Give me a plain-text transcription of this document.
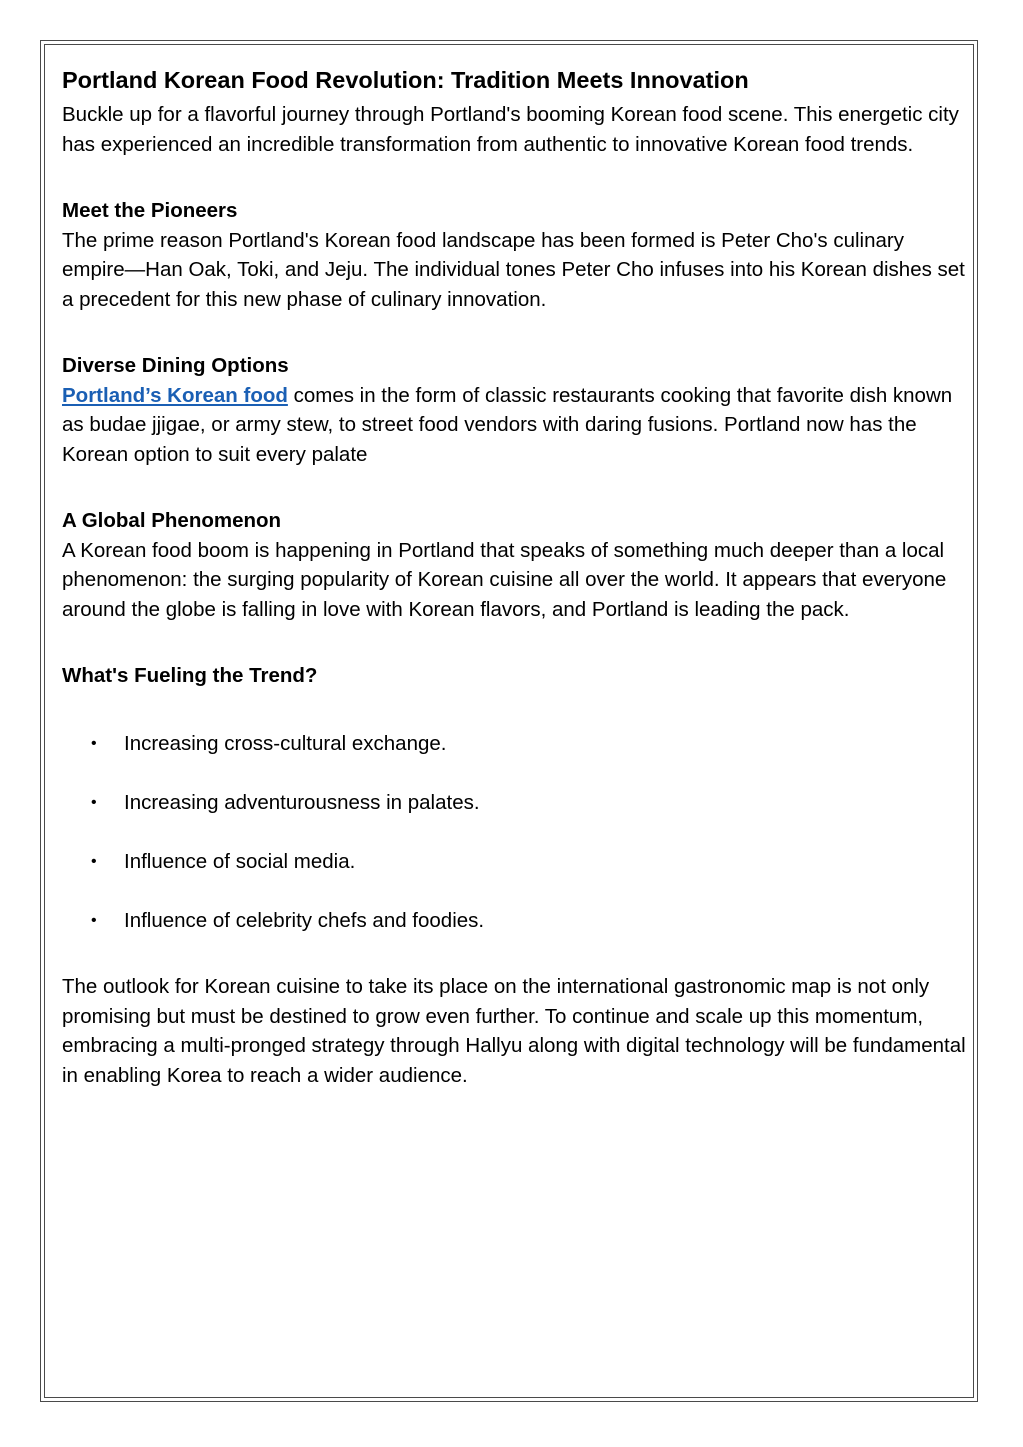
Portland Korean Food Revolution: Tradition Meets Innovation

Buckle up for a flavorful journey through Portland's booming Korean food scene. This energetic city has experienced an incredible transformation from authentic to innovative Korean food trends.

Meet the Pioneers

The prime reason Portland's Korean food landscape has been formed is Peter Cho's culinary empire—Han Oak, Toki, and Jeju. The individual tones Peter Cho infuses into his Korean dishes set a precedent for this new phase of culinary innovation.

Diverse Dining Options

Portland’s Korean food comes in the form of classic restaurants cooking that favorite dish known as budae jjigae, or army stew, to street food vendors with daring fusions. Portland now has the Korean option to suit every palate

A Global Phenomenon

A Korean food boom is happening in Portland that speaks of something much deeper than a local phenomenon: the surging popularity of Korean cuisine all over the world. It appears that everyone around the globe is falling in love with Korean flavors, and Portland is leading the pack.

What's Fueling the Trend?

• Increasing cross-cultural exchange.
• Increasing adventurousness in palates.
• Influence of social media.
• Influence of celebrity chefs and foodies.

The outlook for Korean cuisine to take its place on the international gastronomic map is not only promising but must be destined to grow even further. To continue and scale up this momentum, embracing a multi-pronged strategy through Hallyu along with digital technology will be fundamental in enabling Korea to reach a wider audience.
